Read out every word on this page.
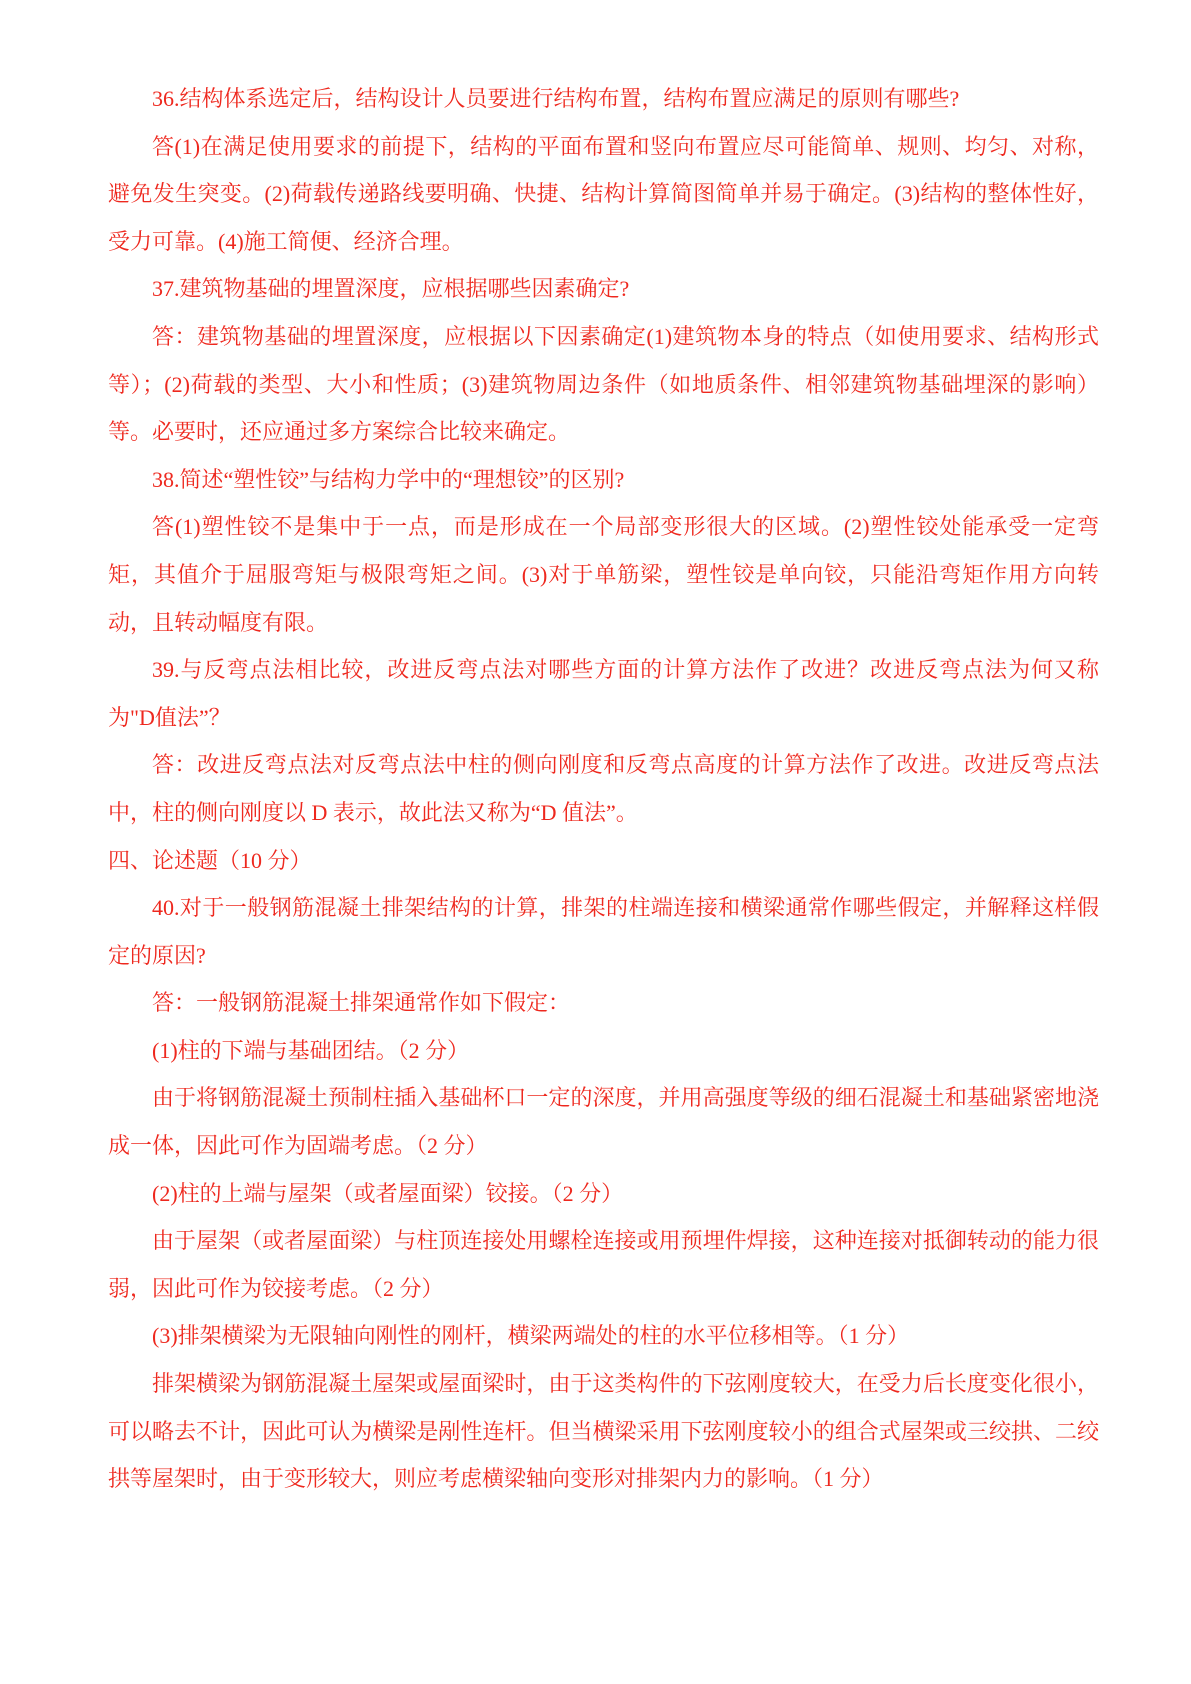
36.结构体系选定后，结构设计人员要进行结构布置，结构布置应满足的原则有哪些?

答(1)在满足使用要求的前提下，结构的平面布置和竖向布置应尽可能简单、规则、均匀、对称，避免发生突变。(2)荷载传递路线要明确、快捷、结构计算简图简单并易于确定。(3)结构的整体性好，受力可靠。(4)施工简便、经济合理。

37.建筑物基础的埋置深度，应根据哪些因素确定?

答：建筑物基础的埋置深度，应根据以下因素确定(1)建筑物本身的特点（如使用要求、结构形式等）；(2)荷载的类型、大小和性质；(3)建筑物周边条件（如地质条件、相邻建筑物基础埋深的影响）等。必要时，还应通过多方案综合比较来确定。

38.简述“塑性铰”与结构力学中的“理想铰”的区别?

答(1)塑性铰不是集中于一点，而是形成在一个局部变形很大的区域。(2)塑性铰处能承受一定弯矩，其值介于屈服弯矩与极限弯矩之间。(3)对于单筋梁，塑性铰是单向铰，只能沿弯矩作用方向转动，且转动幅度有限。

39.与反弯点法相比较，改进反弯点法对哪些方面的计算方法作了改进？改进反弯点法为何又称为"D值法”？

答：改进反弯点法对反弯点法中柱的侧向刚度和反弯点高度的计算方法作了改进。改进反弯点法中，柱的侧向刚度以 D 表示，故此法又称为“D 值法”。

四、论述题（10 分）

40.对于一般钢筋混凝土排架结构的计算，排架的柱端连接和横梁通常作哪些假定，并解释这样假定的原因?

答：一般钢筋混凝土排架通常作如下假定：

(1)柱的下端与基础团结。（2 分）

由于将钢筋混凝土预制柱插入基础杯口一定的深度，并用高强度等级的细石混凝土和基础紧密地浇成一体，因此可作为固端考虑。（2 分）

(2)柱的上端与屋架（或者屋面梁）铰接。（2 分）

由于屋架（或者屋面梁）与柱顶连接处用螺栓连接或用预埋件焊接，这种连接对抵御转动的能力很弱，因此可作为铰接考虑。（2 分）

(3)排架横梁为无限轴向刚性的刚杆，横梁两端处的柱的水平位移相等。（1 分）

排架横梁为钢筋混凝土屋架或屋面梁时，由于这类构件的下弦刚度较大，在受力后长度变化很小，可以略去不计，因此可认为横梁是剐性连杆。但当横梁采用下弦刚度较小的组合式屋架或三绞拱、二绞拱等屋架时，由于变形较大，则应考虑横梁轴向变形对排架内力的影响。（1 分）
